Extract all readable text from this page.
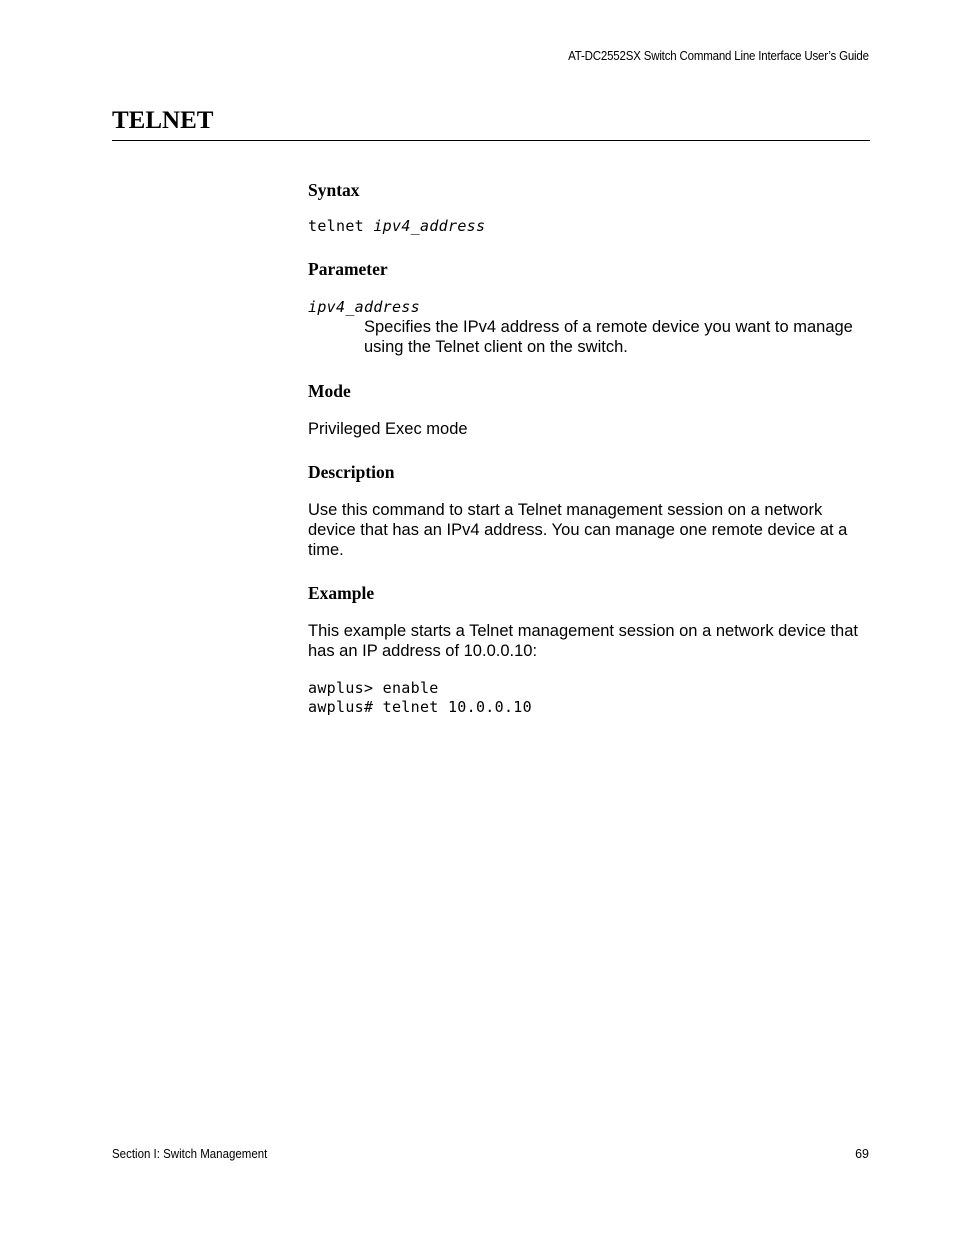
AT-DC2552SX Switch Command Line Interface User’s Guide
TELNET
Syntax
telnet ipv4_address
Parameter
ipv4_address

Specifies the IPv4 address of a remote device you want to manage using the Telnet client on the switch.

Mode

Privileged Exec mode

Description

Use this command to start a Telnet management session on a network device that has an IPv4 address. You can manage one remote device at a time.

Example

This example starts a Telnet management session on a network device that has an IP address of 10.0.0.10:

awplus> enable
awplus# telnet 10.0.0.10
Section I: Switch Management	69
